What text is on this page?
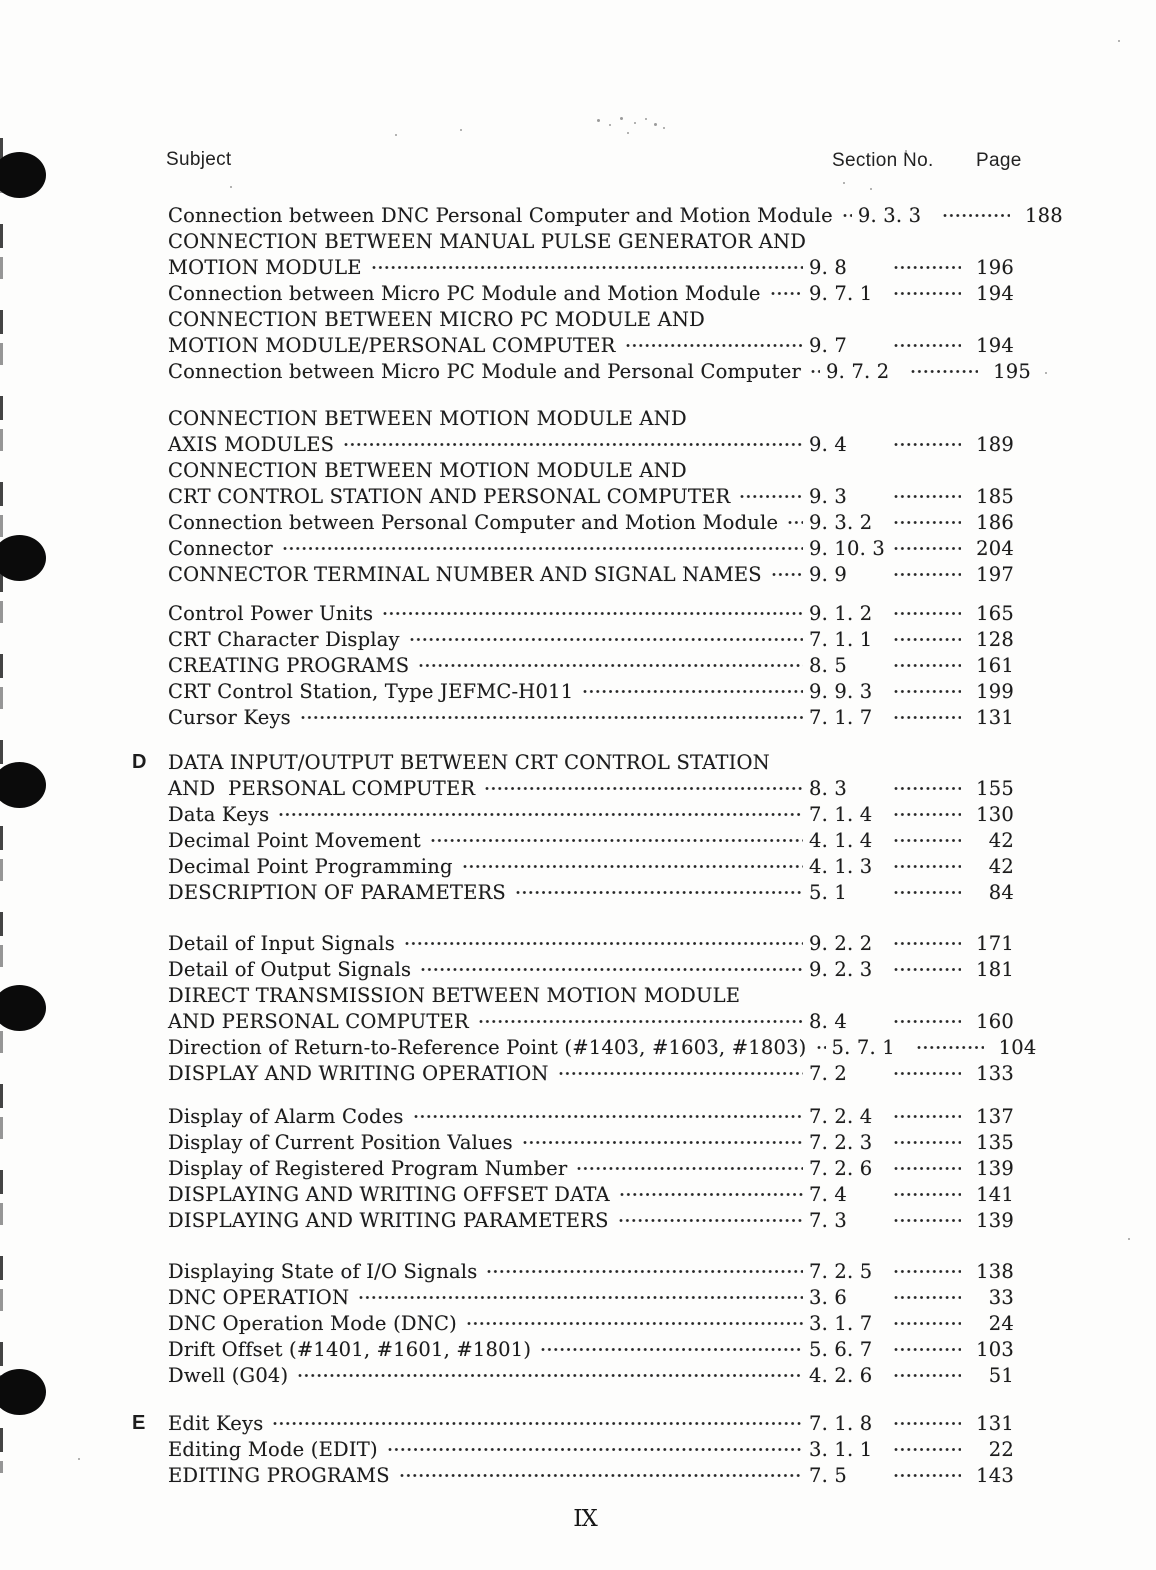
Subject	Section No. Page
Connection between DNC Personal Computer and Motion Module 9. 3. 3	188
CONNECTION BETWEEN MANUAL PULSE GENERATOR AND
MOTION MODULE	9. 8	196
Connection between Micro PC Module and Motion Module 9. 7. 1	194
CONNECTION BETWEEN MICRO PC MODULE AND
MOTION MODULE/PERSONAL COMPUTER	9. 7	194
Connection between Micro PC Module and Personal Computer 9. 7. 2	195
CONNECTION BETWEEN MOTION MODULE AND
AXIS MODULES	9. 4	189
CONNECTION BETWEEN MOTION MODULE AND
CRT CONTROL STATION AND PERSONAL COMPUTER	9. 3	185
Connection between Personal Computer and Motion Module 9. 3. 2	186
Connector	9. 10. 3	204
CONNECTOR TERMINAL NUMBER AND SIGNAL NAMES 9. 9	197
Control Power Units	9. 1. 2	165
CRT Character Display	7. 1. 1	128
CREATING PROGRAMS	8. 5	161
CRT Control Station, Type JEFMC-H011	9. 9. 3	199
Cursor Keys	7. 1. 7	131
D DATA INPUT/OUTPUT BETWEEN CRT CONTROL STATION
AND  PERSONAL COMPUTER	8. 3	155
Data Keys	7. 1. 4	130
Decimal Point Movement	4. 1. 4	42
Decimal Point Programming	4. 1. 3	42
DESCRIPTION OF PARAMETERS	5. 1	84
Detail of Input Signals	9. 2. 2	171
Detail of Output Signals	9. 2. 3	181
DIRECT TRANSMISSION BETWEEN MOTION MODULE
AND PERSONAL COMPUTER	8. 4	160
Direction of Return-to-Reference Point (#1403, #1603, #1803) 5. 7. 1	104
DISPLAY AND WRITING OPERATION	7. 2	133
Display of Alarm Codes	7. 2. 4	137
Display of Current Position Values	7. 2. 3	135
Display of Registered Program Number	7. 2. 6	139
DISPLAYING AND WRITING OFFSET DATA	7. 4	141
DISPLAYING AND WRITING PARAMETERS	7. 3	139
Displaying State of I/O Signals	7. 2. 5	138
DNC OPERATION	3. 6	33
DNC Operation Mode (DNC)	3. 1. 7	24
Drift Offset (#1401, #1601, #1801)	5. 6. 7	103
Dwell (G04)	4. 2. 6	51
E Edit Keys	7. 1. 8	131
Editing Mode (EDIT)	3. 1. 1	22
EDITING PROGRAMS	7. 5	143
IX
